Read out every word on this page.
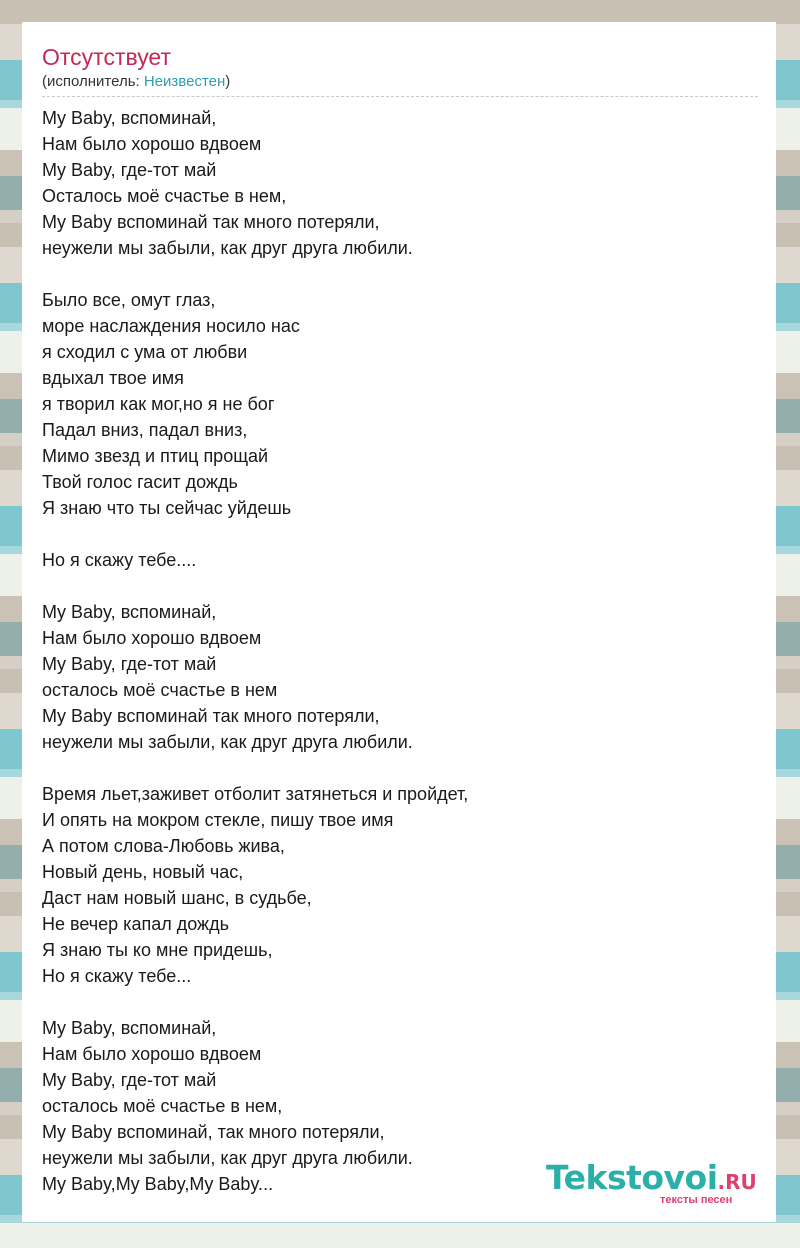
Отсутствует
(исполнитель: Неизвестен)
My Baby, вспоминай,
Нам было хорошо вдвоем
My Baby, где-тот май
Осталось моё счастье в нем,
My Baby вспоминай так много потеряли,
неужели мы забыли, как друг друга любили.
Было все, омут глаз,
море наслаждения носило нас
я сходил с ума от любви
вдыхал твое имя
я творил как мог,но я не бог
Падал вниз, падал вниз,
Мимо звезд и птиц прощай
Твой голос гасит дождь
Я знаю что ты сейчас уйдешь
Но я скажу тебе....
My Baby, вспоминай,
Нам было хорошо вдвоем
My Baby, где-тот май
осталось моё счастье в нем
My Baby вспоминай так много потеряли,
неужели мы забыли, как друг друга любили.
Время льет,заживет отболит затянеться и пройдет,
И опять на мокром стекле, пишу твое имя
А потом слова-Любовь жива,
Новый день, новый час,
Даст нам новый шанс, в судьбе,
Не вечер капал дождь
Я знаю ты ко мне придешь,
Но я скажу тебе...
My Baby, вспоминай,
Нам было хорошо вдвоем
My Baby, где-тот май
осталось моё счастье в нем,
My Baby вспоминай, так много потеряли,
неужели мы забыли, как друг друга любили.
My Baby,My Baby,My Baby...	Tekstovoi.RU
тексты песен
